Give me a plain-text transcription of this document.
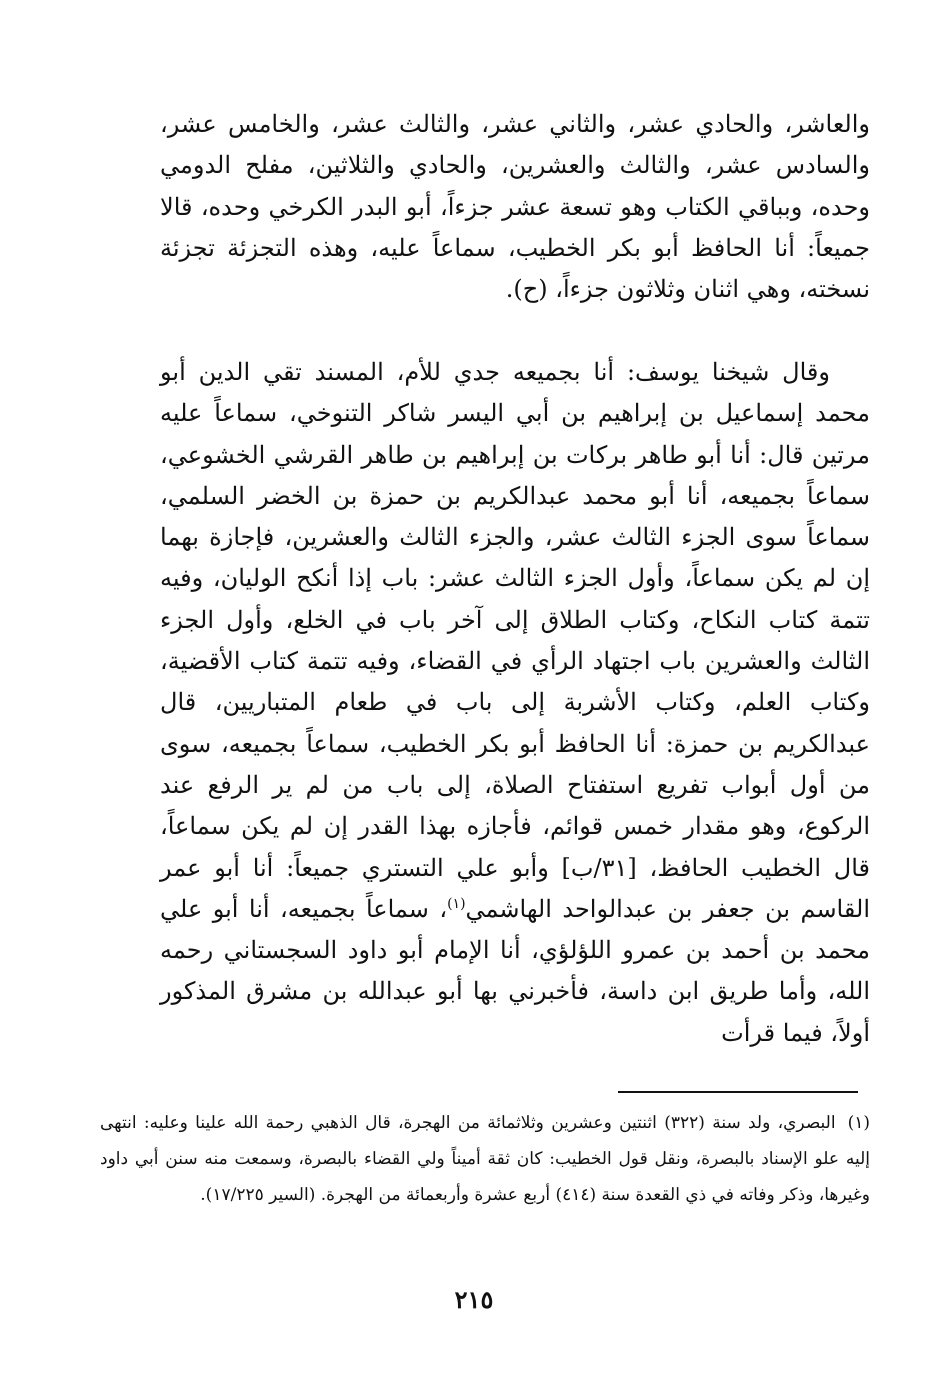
والعاشر، والحادي عشر، والثاني عشر، والثالث عشر، والخامس عشر، والسادس عشر، والثالث والعشرين، والحادي والثلاثين، مفلح الدومي وحده، وبباقي الكتاب وهو تسعة عشر جزءاً، أبو البدر الكرخي وحده، قالا جميعاً: أنا الحافظ أبو بكر الخطيب، سماعاً عليه، وهذه التجزئة تجزئة نسخته، وهي اثنان وثلاثون جزءاً، (ح).

وقال شيخنا يوسف: أنا بجميعه جدي للأم، المسند تقي الدين أبو محمد إسماعيل بن إبراهيم بن أبي اليسر شاكر التنوخي، سماعاً عليه مرتين قال: أنا أبو طاهر بركات بن إبراهيم بن طاهر القرشي الخشوعي، سماعاً بجميعه، أنا أبو محمد عبدالكريم بن حمزة بن الخضر السلمي، سماعاً سوى الجزء الثالث عشر، والجزء الثالث والعشرين، فإجازة بهما إن لم يكن سماعاً، وأول الجزء الثالث عشر: باب إذا أنكح الوليان، وفيه تتمة كتاب النكاح، وكتاب الطلاق إلى آخر باب في الخلع، وأول الجزء الثالث والعشرين باب اجتهاد الرأي في القضاء، وفيه تتمة كتاب الأقضية، وكتاب العلم، وكتاب الأشربة إلى باب في طعام المتباريين، قال عبدالكريم بن حمزة: أنا الحافظ أبو بكر الخطيب، سماعاً بجميعه، سوى من أول أبواب تفريع استفتاح الصلاة، إلى باب من لم ير الرفع عند الركوع، وهو مقدار خمس قوائم، فأجازه بهذا القدر إن لم يكن سماعاً، قال الخطيب الحافظ، [٣١/ب] وأبو علي التستري جميعاً: أنا أبو عمر القاسم بن جعفر بن عبدالواحد الهاشمي$^{(١)}$، سماعاً بجميعه، أنا أبو علي محمد بن أحمد بن عمرو اللؤلؤي، أنا الإمام أبو داود السجستاني رحمه الله، وأما طريق ابن داسة، فأخبرني بها أبو عبدالله بن مشرق المذكور أولاً، فيما قرأت

(١)البصري، ولد سنة (٣٢٢) اثنتين وعشرين وثلاثمائة من الهجرة، قال الذهبي رحمة الله علينا وعليه: انتهى إليه علو الإسناد بالبصرة، ونقل قول الخطيب: كان ثقة أميناً ولي القضاء بالبصرة، وسمعت منه سنن أبي داود وغيرها، وذكر وفاته في ذي القعدة سنة (٤١٤) أربع عشرة وأربعمائة من الهجرة. (السير ١٧/٢٢٥).

٢١٥
